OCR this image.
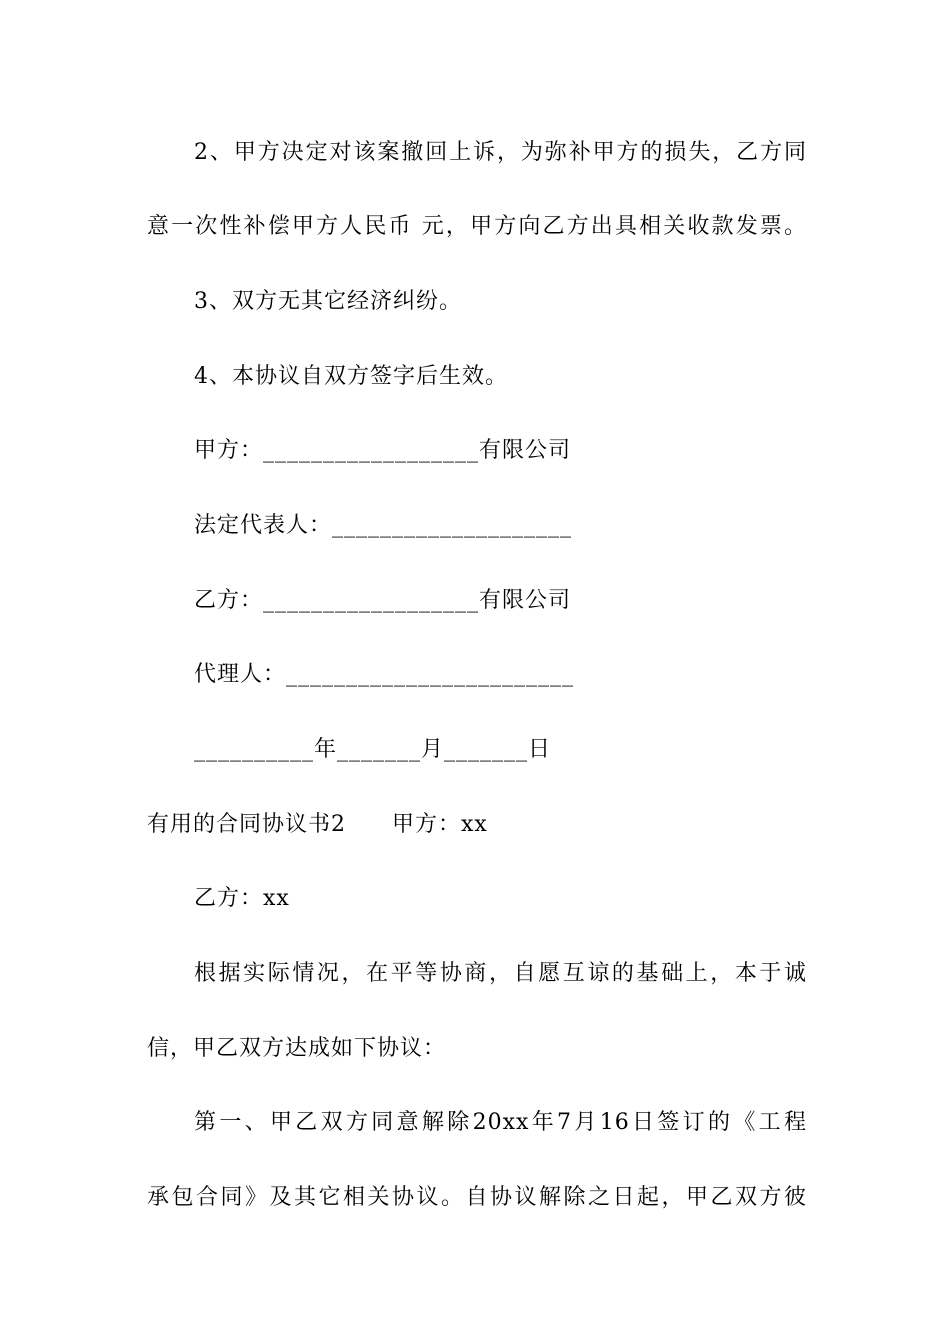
2、甲方决定对该案撤回上诉，为弥补甲方的损失，乙方同
意一次性补偿甲方人民币 元，甲方向乙方出具相关收款发票。
3、双方无其它经济纠纷。
4、本协议自双方签字后生效。
甲方：__________________有限公司
法定代表人：____________________
乙方：__________________有限公司
代理人：________________________
__________年_______月_______日
有用的合同协议书2　　甲方：xx
乙方：xx
根据实际情况，在平等协商，自愿互谅的基础上，本于诚
信，甲乙双方达成如下协议：
第一、甲乙双方同意解除20xx年7月16日签订的《工程
承包合同》及其它相关协议。自协议解除之日起，甲乙双方彼
